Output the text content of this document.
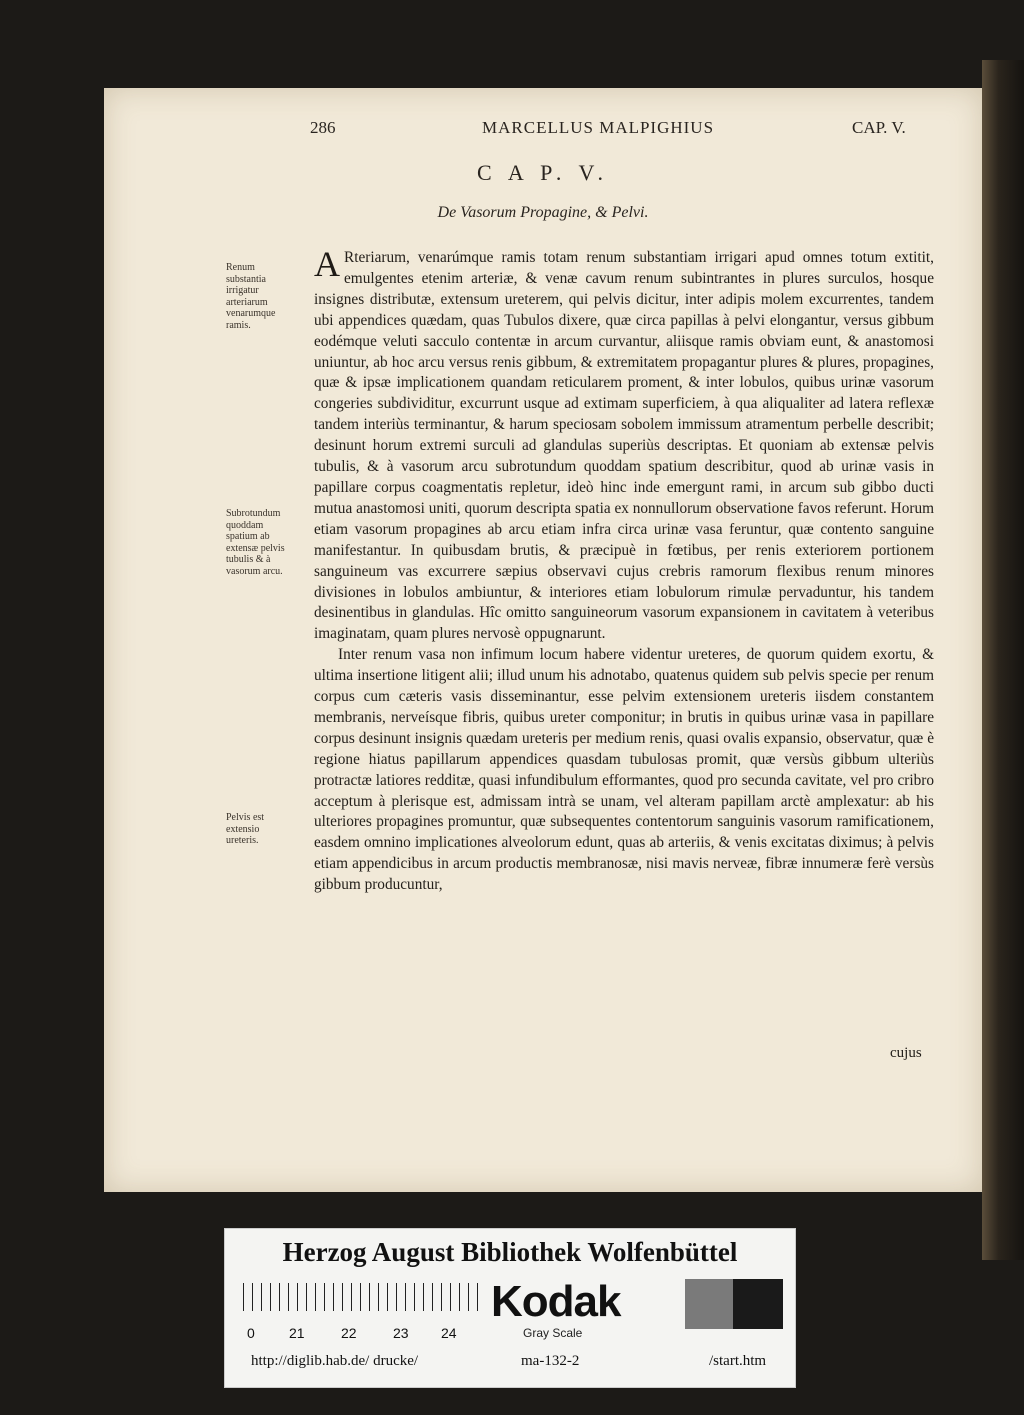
286	MARCELLUS MALPIGHIUS	CAP. V.
C A P. V.
De Vasorum Propagine, & Pelvi.
Renum substantia irrigatur arteriarum venarumque ramis.
Subrotundum quoddam spatium ab extensæ pelvis tubulis & à vasorum arcu.
Pelvis est extensio ureteris.

A Rteriarum, venarúmque ramis totam renum substantiam irrigari apud omnes totum extitit, emulgentes etenim arteriæ, & venæ cavum renum subintrantes in plures surculos, hosque insignes distributæ, extensum ureterem, qui pelvis dicitur, inter adipis molem excurrentes, tandem ubi appendices quædam, quas Tubulos dixere, quæ circa papillas à pelvi elongantur, versus gibbum eodémque veluti sacculo contentæ in arcum curvantur, aliisque ramis obviam eunt, & anastomosi uniuntur, ab hoc arcu versus renis gibbum, & extremitatem propagantur plures & plures, propagines, quæ & ipsæ implicationem quandam reticularem proment, & inter lobulos, quibus urinæ vasorum congeries subdividitur, excurrunt usque ad extimam superficiem, à qua aliqualiter ad latera reflexæ tandem interiùs terminantur, & harum speciosam sobolem immissum atramentum perbelle describit; desinunt horum extremi surculi ad glandulas superiùs descriptas. Et quoniam ab extensæ pelvis tubulis, & à vasorum arcu subrotundum quoddam spatium describitur, quod ab urinæ vasis in papillare corpus coagmentatis repletur, ideò hinc inde emergunt rami, in arcum sub gibbo ducti mutua anastomosi uniti, quorum descripta spatia ex nonnullorum observatione favos referunt. Horum etiam vasorum propagines ab arcu etiam infra circa urinæ vasa feruntur, quæ contento sanguine manifestantur. In quibusdam brutis, & præcipuè in fœtibus, per renis exteriorem portionem sanguineum vas excurrere sæpius observavi cujus crebris ramorum flexibus renum minores divisiones in lobulos ambiuntur, & interiores etiam lobulorum rimulæ pervaduntur, his tandem desinentibus in glandulas. Hîc omitto sanguineorum vasorum expansionem in cavitatem à veteribus imaginatam, quam plures nervosè oppugnarunt.

Inter renum vasa non infimum locum habere videntur ureteres, de quorum quidem exortu, & ultima insertione litigent alii; illud unum his adnotabo, quatenus quidem sub pelvis specie per renum corpus cum cæteris vasis disseminantur, esse pelvim extensionem ureteris iisdem constantem membranis, nerveísque fibris, quibus ureter componitur; in brutis in quibus urinæ vasa in papillare corpus desinunt insignis quædam ureteris per medium renis, quasi ovalis expansio, observatur, quæ è regione hiatus papillarum appendices quasdam tubulosas promit, quæ versùs gibbum ulteriùs protractæ latiores redditæ, quasi infundibulum efformantes, quod pro secunda cavitate, vel pro cribro acceptum à plerisque est, admissam intrà se unam, vel alteram papillam arctè amplexatur: ab his ulteriores propagines promuntur, quæ subsequentes contentorum sanguinis vasorum ramificationem, easdem omnino implicationes alveolorum edunt, quas ab arteriis, & venis excitatas diximus; à pelvis etiam appendicibus in arcum productis membranosæ, nisi mavis nerveæ, fibræ innumeræ ferè versùs gibbum producuntur,

cujus
Herzog August Bibliothek Wolfenbüttel
0 21	22	23 24
Kodak
Gray Scale
http://diglib.hab.de/ drucke/	ma-132-2	/start.htm
